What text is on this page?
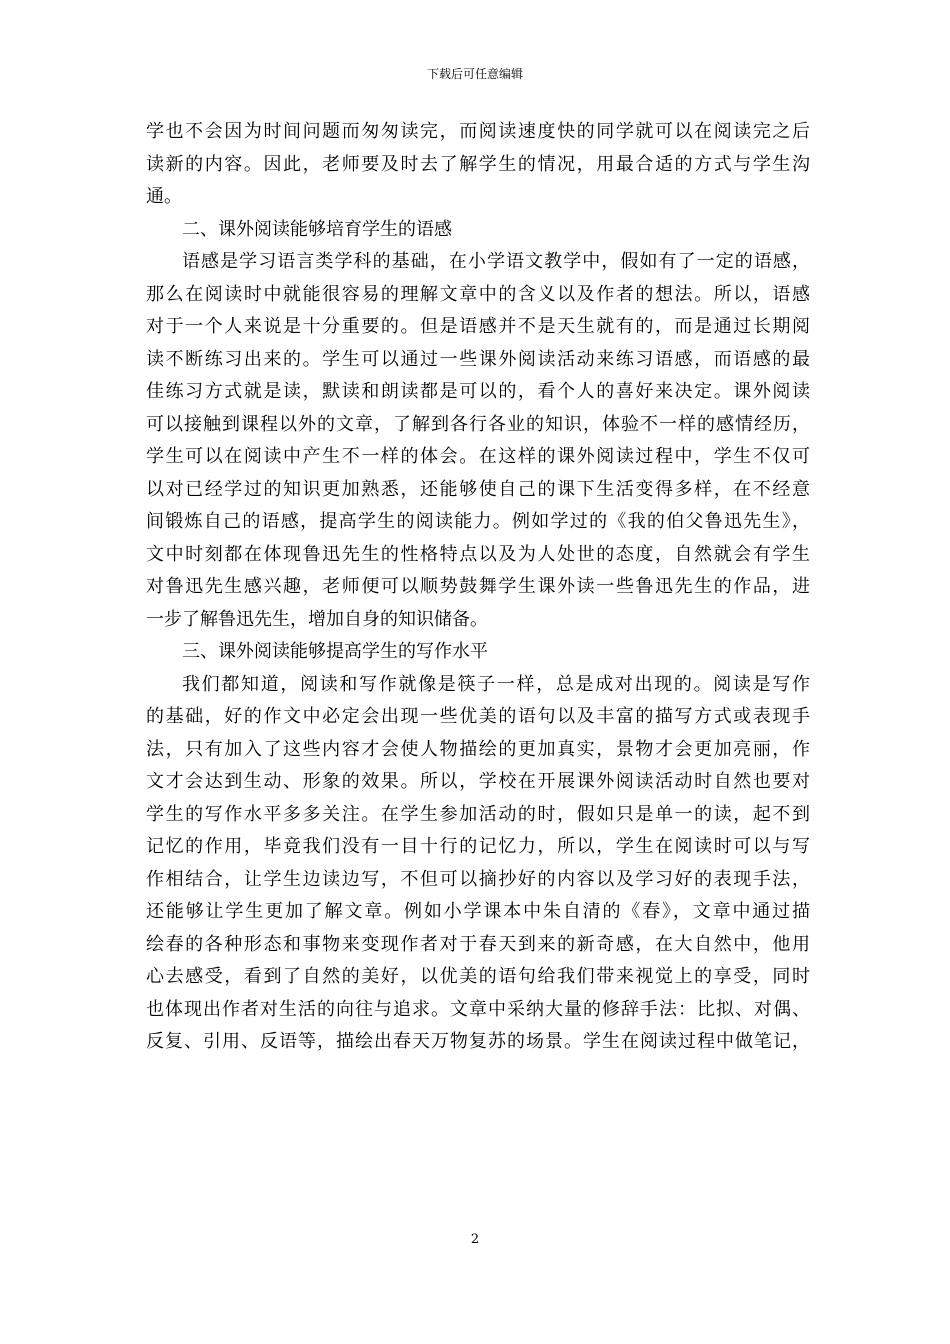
下载后可任意编辑
学也不会因为时间问题而匆匆读完，而阅读速度快的同学就可以在阅读完之后
读新的内容。因此，老师要及时去了解学生的情况，用最合适的方式与学生沟
通。
二、课外阅读能够培育学生的语感
语感是学习语言类学科的基础，在小学语文教学中，假如有了一定的语感，
那么在阅读时中就能很容易的理解文章中的含义以及作者的想法。所以，语感
对于一个人来说是十分重要的。但是语感并不是天生就有的，而是通过长期阅
读不断练习出来的。学生可以通过一些课外阅读活动来练习语感，而语感的最
佳练习方式就是读，默读和朗读都是可以的，看个人的喜好来决定。课外阅读
可以接触到课程以外的文章，了解到各行各业的知识，体验不一样的感情经历，
学生可以在阅读中产生不一样的体会。在这样的课外阅读过程中，学生不仅可
以对已经学过的知识更加熟悉，还能够使自己的课下生活变得多样，在不经意
间锻炼自己的语感，提高学生的阅读能力。例如学过的《我的伯父鲁迅先生》，
文中时刻都在体现鲁迅先生的性格特点以及为人处世的态度，自然就会有学生
对鲁迅先生感兴趣，老师便可以顺势鼓舞学生课外读一些鲁迅先生的作品，进
一步了解鲁迅先生，增加自身的知识储备。
三、课外阅读能够提高学生的写作水平
我们都知道，阅读和写作就像是筷子一样，总是成对出现的。阅读是写作
的基础，好的作文中必定会出现一些优美的语句以及丰富的描写方式或表现手
法，只有加入了这些内容才会使人物描绘的更加真实，景物才会更加亮丽，作
文才会达到生动、形象的效果。所以，学校在开展课外阅读活动时自然也要对
学生的写作水平多多关注。在学生参加活动的时，假如只是单一的读，起不到
记忆的作用，毕竟我们没有一目十行的记忆力，所以，学生在阅读时可以与写
作相结合，让学生边读边写，不但可以摘抄好的内容以及学习好的表现手法，
还能够让学生更加了解文章。例如小学课本中朱自清的《春》，文章中通过描
绘春的各种形态和事物来变现作者对于春天到来的新奇感，在大自然中，他用
心去感受，看到了自然的美好，以优美的语句给我们带来视觉上的享受，同时
也体现出作者对生活的向往与追求。文章中采纳大量的修辞手法：比拟、对偶、
反复、引用、反语等，描绘出春天万物复苏的场景。学生在阅读过程中做笔记，
2
